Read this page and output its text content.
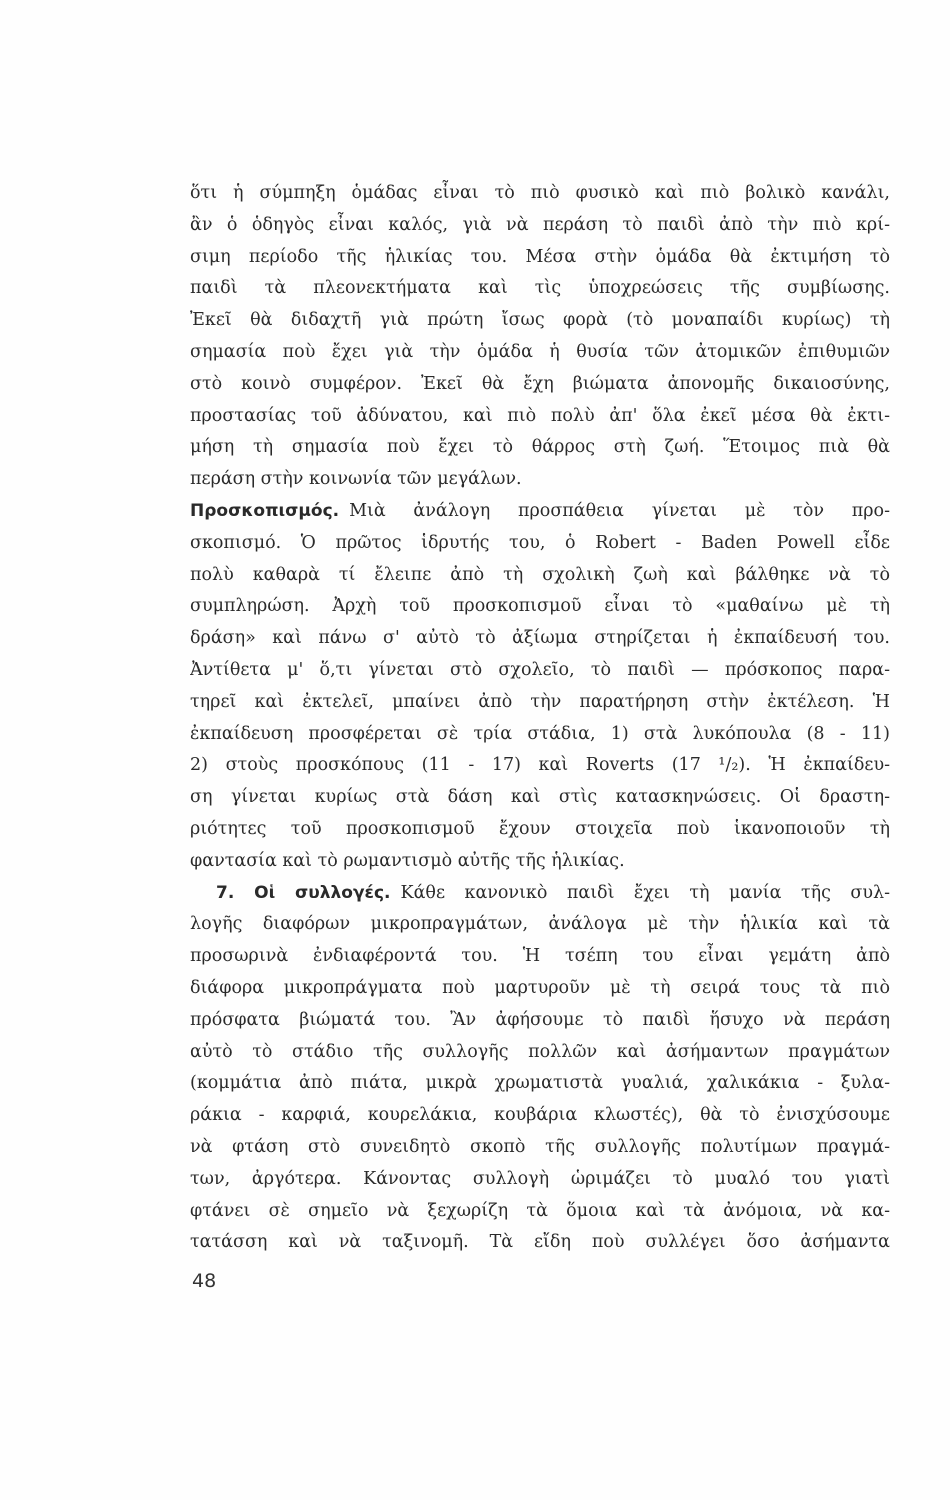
ὅτι ἡ σύμπηξη ὁμάδας εἶναι τὸ πιὸ φυσικὸ καὶ πιὸ βολικὸ κανάλι,
ἂν ὁ ὁδηγὸς εἶναι καλός, γιὰ νὰ περάση τὸ παιδὶ ἀπὸ τὴν πιὸ κρί-
σιμη περίοδο τῆς ἡλικίας του. Μέσα στὴν ὁμάδα θὰ ἐκτιμήση τὸ
παιδὶ τὰ πλεονεκτήματα καὶ τὶς ὑποχρεώσεις τῆς συμβίωσης.
Ἐκεῖ θὰ διδαχτῆ γιὰ πρώτη ἴσως φορὰ (τὸ μοναπαίδι κυρίως) τὴ
σημασία ποὺ ἔχει γιὰ τὴν ὁμάδα ἡ θυσία τῶν ἀτομικῶν ἐπιθυμιῶν
στὸ κοινὸ συμφέρον. Ἐκεῖ θὰ ἔχη βιώματα ἀπονομῆς δικαιοσύνης,
προστασίας τοῦ ἀδύνατου, καὶ πιὸ πολὺ ἀπ' ὅλα ἐκεῖ μέσα θὰ ἐκτι-
μήση τὴ σημασία ποὺ ἔχει τὸ θάρρος στὴ ζωή. Ἕτοιμος πιὰ θὰ
περάση στὴν κοινωνία τῶν μεγάλων.
Προσκοπισμός. Μιὰ ἀνάλογη προσπάθεια γίνεται μὲ τὸν προ-
σκοπισμό. Ὁ πρῶτος ἱδρυτής του, ὁ Robert - Baden Powell εἶδε
πολὺ καθαρὰ τί ἔλειπε ἀπὸ τὴ σχολικὴ ζωὴ καὶ βάλθηκε νὰ τὸ
συμπληρώση. Ἀρχὴ τοῦ προσκοπισμοῦ εἶναι τὸ «μαθαίνω μὲ τὴ
δράση» καὶ πάνω σ' αὐτὸ τὸ ἀξίωμα στηρίζεται ἡ ἐκπαίδευσή του.
Ἀντίθετα μ' ὅ,τι γίνεται στὸ σχολεῖο, τὸ παιδὶ — πρόσκοπος παρα-
τηρεῖ καὶ ἐκτελεῖ, μπαίνει ἀπὸ τὴν παρατήρηση στὴν ἐκτέλεση. Ἡ
ἐκπαίδευση προσφέρεται σὲ τρία στάδια, 1) στὰ λυκόπουλα (8 - 11)
2) στοὺς προσκόπους (11 - 17) καὶ Roverts (17 ¹/₂). Ἡ ἐκπαίδευ-
ση γίνεται κυρίως στὰ δάση καὶ στὶς κατασκηνώσεις. Οἱ δραστη-
ριότητες τοῦ προσκοπισμοῦ ἔχουν στοιχεῖα ποὺ ἱκανοποιοῦν τὴ
φαντασία καὶ τὸ ρωμαντισμὸ αὐτῆς τῆς ἡλικίας.
7. Οἱ συλλογές. Κάθε κανονικὸ παιδὶ ἔχει τὴ μανία τῆς συλ-
λογῆς διαφόρων μικροπραγμάτων, ἀνάλογα μὲ τὴν ἡλικία καὶ τὰ
προσωρινὰ ἐνδιαφέροντά του. Ἡ τσέπη του εἶναι γεμάτη ἀπὸ
διάφορα μικροπράγματα ποὺ μαρτυροῦν μὲ τὴ σειρά τους τὰ πιὸ
πρόσφατα βιώματά του. Ἂν ἀφήσουμε τὸ παιδὶ ἥσυχο νὰ περάση
αὐτὸ τὸ στάδιο τῆς συλλογῆς πολλῶν καὶ ἀσήμαντων πραγμάτων
(κομμάτια ἀπὸ πιάτα, μικρὰ χρωματιστὰ γυαλιά, χαλικάκια - ξυλα-
ράκια - καρφιά, κουρελάκια, κουβάρια κλωστές), θὰ τὸ ἐνισχύσουμε
νὰ φτάση στὸ συνειδητὸ σκοπὸ τῆς συλλογῆς πολυτίμων πραγμά-
των, ἀργότερα. Κάνοντας συλλογὴ ὡριμάζει τὸ μυαλό του γιατὶ
φτάνει σὲ σημεῖο νὰ ξεχωρίζη τὰ ὅμοια καὶ τὰ ἀνόμοια, νὰ κα-
τατάσση καὶ νὰ ταξινομῆ. Τὰ εἴδη ποὺ συλλέγει ὅσο ἀσήμαντα
48
